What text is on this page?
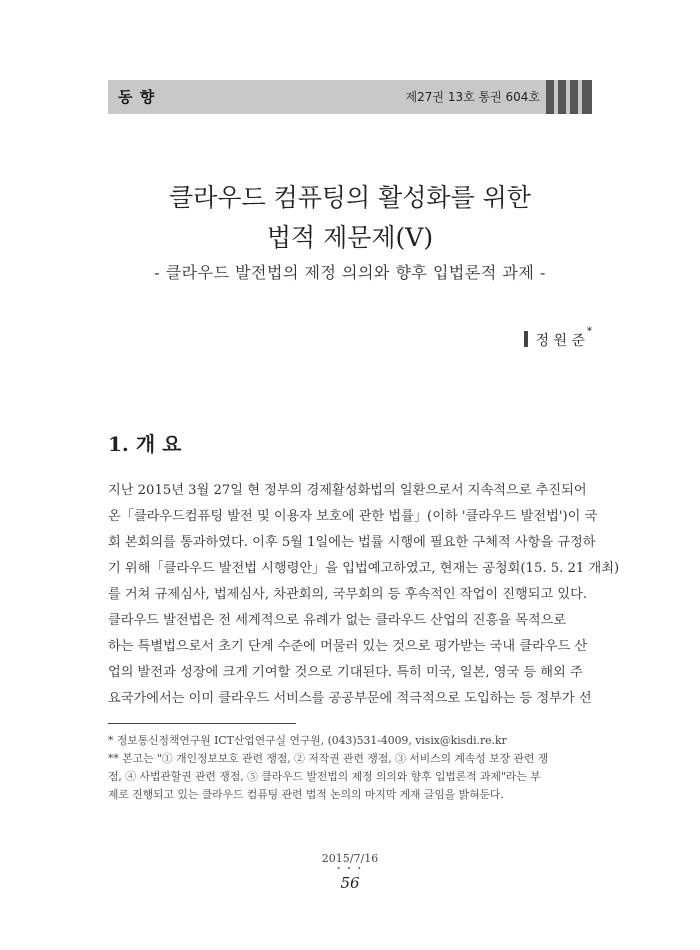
동 향	제27권 13호 통권 604호
클라우드 컴퓨팅의 활성화를 위한
법적 제문제(Ⅴ)
- 클라우드 발전법의 제정 의의와 향후 입법론적 과제 -
정 원 준
*
1. 개 요
지난 2015년 3월 27일 현 정부의 경제활성화법의 일환으로서 지속적으로 추진되어
온「클라우드컴퓨팅 발전 및 이용자 보호에 관한 법률」(이하 '클라우드 발전법')이 국
회 본회의를 통과하였다. 이후 5월 1일에는 법률 시행에 필요한 구체적 사항을 규정하
기 위해「클라우드 발전법 시행령안」을 입법예고하였고, 현재는 공청회(15. 5. 21 개최)
를 거쳐 규제심사, 법제심사, 차관회의, 국무회의 등 후속적인 작업이 진행되고 있다.
클라우드 발전법은 전 세계적으로 유례가 없는 클라우드 산업의 진흥을 목적으로
하는 특별법으로서 초기 단계 수준에 머물러 있는 것으로 평가받는 국내 클라우드 산
업의 발전과 성장에 크게 기여할 것으로 기대된다. 특히 미국, 일본, 영국 등 해외 주
요국가에서는 이미 클라우드 서비스를 공공부문에 적극적으로 도입하는 등 정부가 선
* 정보통신정책연구원 ICT산업연구실 연구원, (043)531-4009, visix@kisdi.re.kr
** 본고는 "① 개인정보보호 관련 쟁점, ② 저작권 관련 쟁점, ③ 서비스의 계속성 보장 관련 쟁
점, ④ 사법관할권 관련 쟁점, ⑤ 클라우드 발전법의 제정 의의와 향후 입법론적 과제"라는 부
제로 진행되고 있는 클라우드 컴퓨팅 관련 법적 논의의 마지막 게재 글임을 밝혀둔다.
2015/7/16
• • •
56
